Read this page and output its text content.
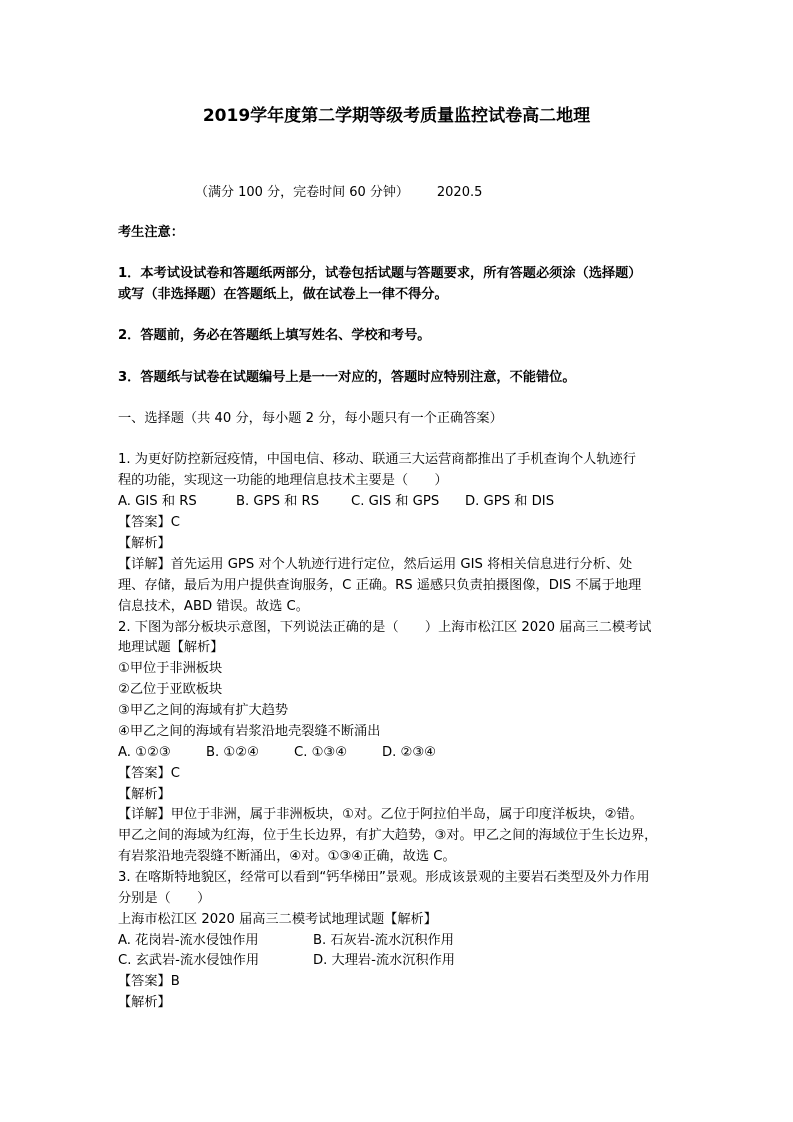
2019学年度第二学期等级考质量监控试卷高二地理
（满分 100 分，完卷时间 60 分钟） 2020.5
考生注意：
1．本考试设试卷和答题纸两部分，试卷包括试题与答题要求，所有答题必须涂（选择题）
或写（非选择题）在答题纸上，做在试卷上一律不得分。
2．答题前，务必在答题纸上填写姓名、学校和考号。
3．答题纸与试卷在试题编号上是一一对应的，答题时应特别注意，不能错位。
一、选择题（共 40 分，每小题 2 分，每小题只有一个正确答案）
1. 为更好防控新冠疫情，中国电信、移动、联通三大运营商都推出了手机查询个人轨迹行
程的功能，实现这一功能的地理信息技术主要是（　　）
A. GIS 和 RS	B. GPS 和 RS C. GIS 和 GPS D. GPS 和 DIS
【答案】C
【解析】
【详解】首先运用 GPS 对个人轨迹行进行定位，然后运用 GIS 将相关信息进行分析、处
理、存储，最后为用户提供查询服务，C 正确。RS 遥感只负责拍摄图像，DIS 不属于地理
信息技术，ABD 错误。故选 C。
2. 下图为部分板块示意图，下列说法正确的是（　　）上海市松江区 2020 届高三二模考试
地理试题【解析】
①甲位于非洲板块
②乙位于亚欧板块
③甲乙之间的海域有扩大趋势
④甲乙之间的海域有岩浆沿地壳裂缝不断涌出
A. ①②③	B. ①②④	C. ①③④	D. ②③④
【答案】C
【解析】
【详解】甲位于非洲，属于非洲板块，①对。乙位于阿拉伯半岛，属于印度洋板块，②错。
甲乙之间的海域为红海，位于生长边界，有扩大趋势，③对。甲乙之间的海域位于生长边界，
有岩浆沿地壳裂缝不断涌出，④对。①③④正确，故选 C。
3. 在喀斯特地貌区，经常可以看到“钙华梯田”景观。形成该景观的主要岩石类型及外力作用
分别是（　　）
上海市松江区 2020 届高三二模考试地理试题【解析】
A. 花岗岩-流水侵蚀作用	B. 石灰岩-流水沉积作用
C. 玄武岩-流水侵蚀作用	D. 大理岩-流水沉积作用
【答案】B
【解析】
